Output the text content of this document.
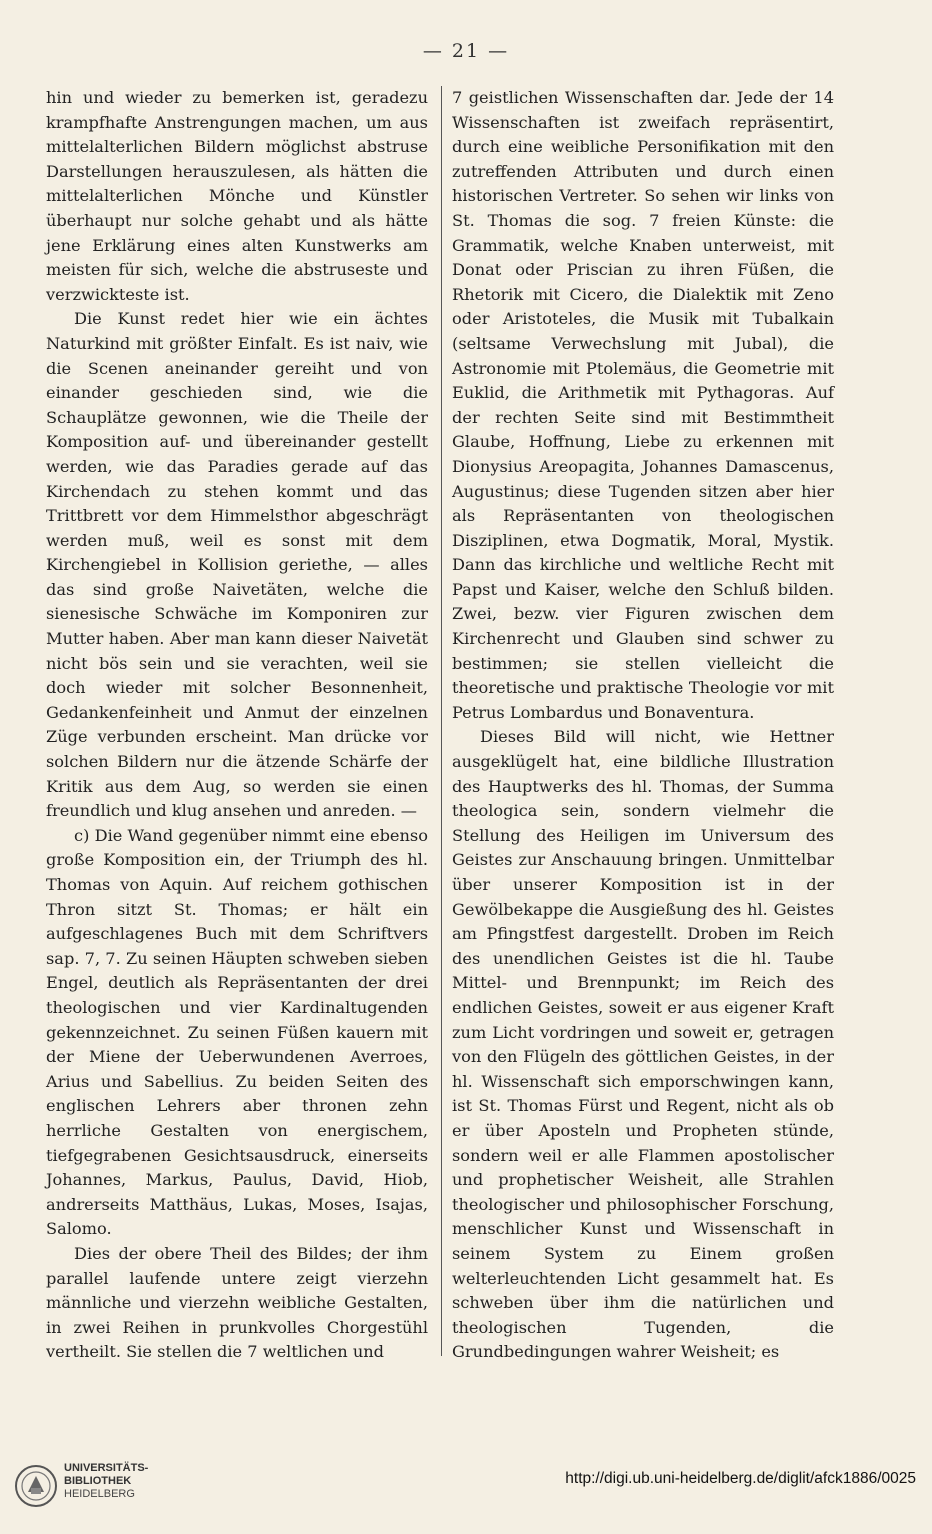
— 21 —

hin und wieder zu bemerken ist, geradezu krampfhafte Anstrengungen machen, um aus mittelalterlichen Bildern möglichst abstruse Darstellungen herauszulesen, als hätten die mittelalterlichen Mönche und Künstler überhaupt nur solche gehabt und als hätte jene Erklärung eines alten Kunstwerks am meisten für sich, welche die abstruseste und verzwickteste ist.

Die Kunst redet hier wie ein ächtes Naturkind mit größter Einfalt. Es ist naiv, wie die Scenen aneinander gereiht und von einander geschieden sind, wie die Schauplätze gewonnen, wie die Theile der Komposition auf- und übereinander gestellt werden, wie das Paradies gerade auf das Kirchendach zu stehen kommt und das Trittbrett vor dem Himmelsthor abgeschrägt werden muß, weil es sonst mit dem Kirchengiebel in Kollision geriethe, — alles das sind große Naivetäten, welche die sienesische Schwäche im Komponiren zur Mutter haben. Aber man kann dieser Naivetät nicht bös sein und sie verachten, weil sie doch wieder mit solcher Besonnenheit, Gedankenfeinheit und Anmut der einzelnen Züge verbunden erscheint. Man drücke vor solchen Bildern nur die ätzende Schärfe der Kritik aus dem Aug, so werden sie einen freundlich und klug ansehen und anreden. —

c) Die Wand gegenüber nimmt eine ebenso große Komposition ein, der Triumph des hl. Thomas von Aquin. Auf reichem gothischen Thron sitzt St. Thomas; er hält ein aufgeschlagenes Buch mit dem Schriftvers sap. 7, 7. Zu seinen Häupten schweben sieben Engel, deutlich als Repräsentanten der drei theologischen und vier Kardinaltugenden gekennzeichnet. Zu seinen Füßen kauern mit der Miene der Ueberwundenen Averroes, Arius und Sabellius. Zu beiden Seiten des englischen Lehrers aber thronen zehn herrliche Gestalten von energischem, tiefgegrabenen Gesichtsausdruck, einerseits Johannes, Markus, Paulus, David, Hiob, andrerseits Matthäus, Lukas, Moses, Isajas, Salomo.

Dies der obere Theil des Bildes; der ihm parallel laufende untere zeigt vierzehn männliche und vierzehn weibliche Gestalten, in zwei Reihen in prunkvolles Chorgestühl vertheilt. Sie stellen die 7 weltlichen und

7 geistlichen Wissenschaften dar. Jede der 14 Wissenschaften ist zweifach repräsentirt, durch eine weibliche Personifikation mit den zutreffenden Attributen und durch einen historischen Vertreter. So sehen wir links von St. Thomas die sog. 7 freien Künste: die Grammatik, welche Knaben unterweist, mit Donat oder Priscian zu ihren Füßen, die Rhetorik mit Cicero, die Dialektik mit Zeno oder Aristoteles, die Musik mit Tubalkain (seltsame Verwechslung mit Jubal), die Astronomie mit Ptolemäus, die Geometrie mit Euklid, die Arithmetik mit Pythagoras. Auf der rechten Seite sind mit Bestimmtheit Glaube, Hoffnung, Liebe zu erkennen mit Dionysius Areopagita, Johannes Damascenus, Augustinus; diese Tugenden sitzen aber hier als Repräsentanten von theologischen Disziplinen, etwa Dogmatik, Moral, Mystik. Dann das kirchliche und weltliche Recht mit Papst und Kaiser, welche den Schluß bilden. Zwei, bezw. vier Figuren zwischen dem Kirchenrecht und Glauben sind schwer zu bestimmen; sie stellen vielleicht die theoretische und praktische Theologie vor mit Petrus Lombardus und Bonaventura.

Dieses Bild will nicht, wie Hettner ausgeklügelt hat, eine bildliche Illustration des Hauptwerks des hl. Thomas, der Summa theologica sein, sondern vielmehr die Stellung des Heiligen im Universum des Geistes zur Anschauung bringen. Unmittelbar über unserer Komposition ist in der Gewölbekappe die Ausgießung des hl. Geistes am Pfingstfest dargestellt. Droben im Reich des unendlichen Geistes ist die hl. Taube Mittel- und Brennpunkt; im Reich des endlichen Geistes, soweit er aus eigener Kraft zum Licht vordringen und soweit er, getragen von den Flügeln des göttlichen Geistes, in der hl. Wissenschaft sich emporschwingen kann, ist St. Thomas Fürst und Regent, nicht als ob er über Aposteln und Propheten stünde, sondern weil er alle Flammen apostolischer und prophetischer Weisheit, alle Strahlen theologischer und philosophischer Forschung, menschlicher Kunst und Wissenschaft in seinem System zu Einem großen welterleuchtenden Licht gesammelt hat. Es schweben über ihm die natürlichen und theologischen Tugenden, die Grundbedingungen wahrer Weisheit; es

UNIVERSITÄTS-
BIBLIOTHEK
HEIDELBERG
http://digi.ub.uni-heidelberg.de/diglit/afck1886/0025
